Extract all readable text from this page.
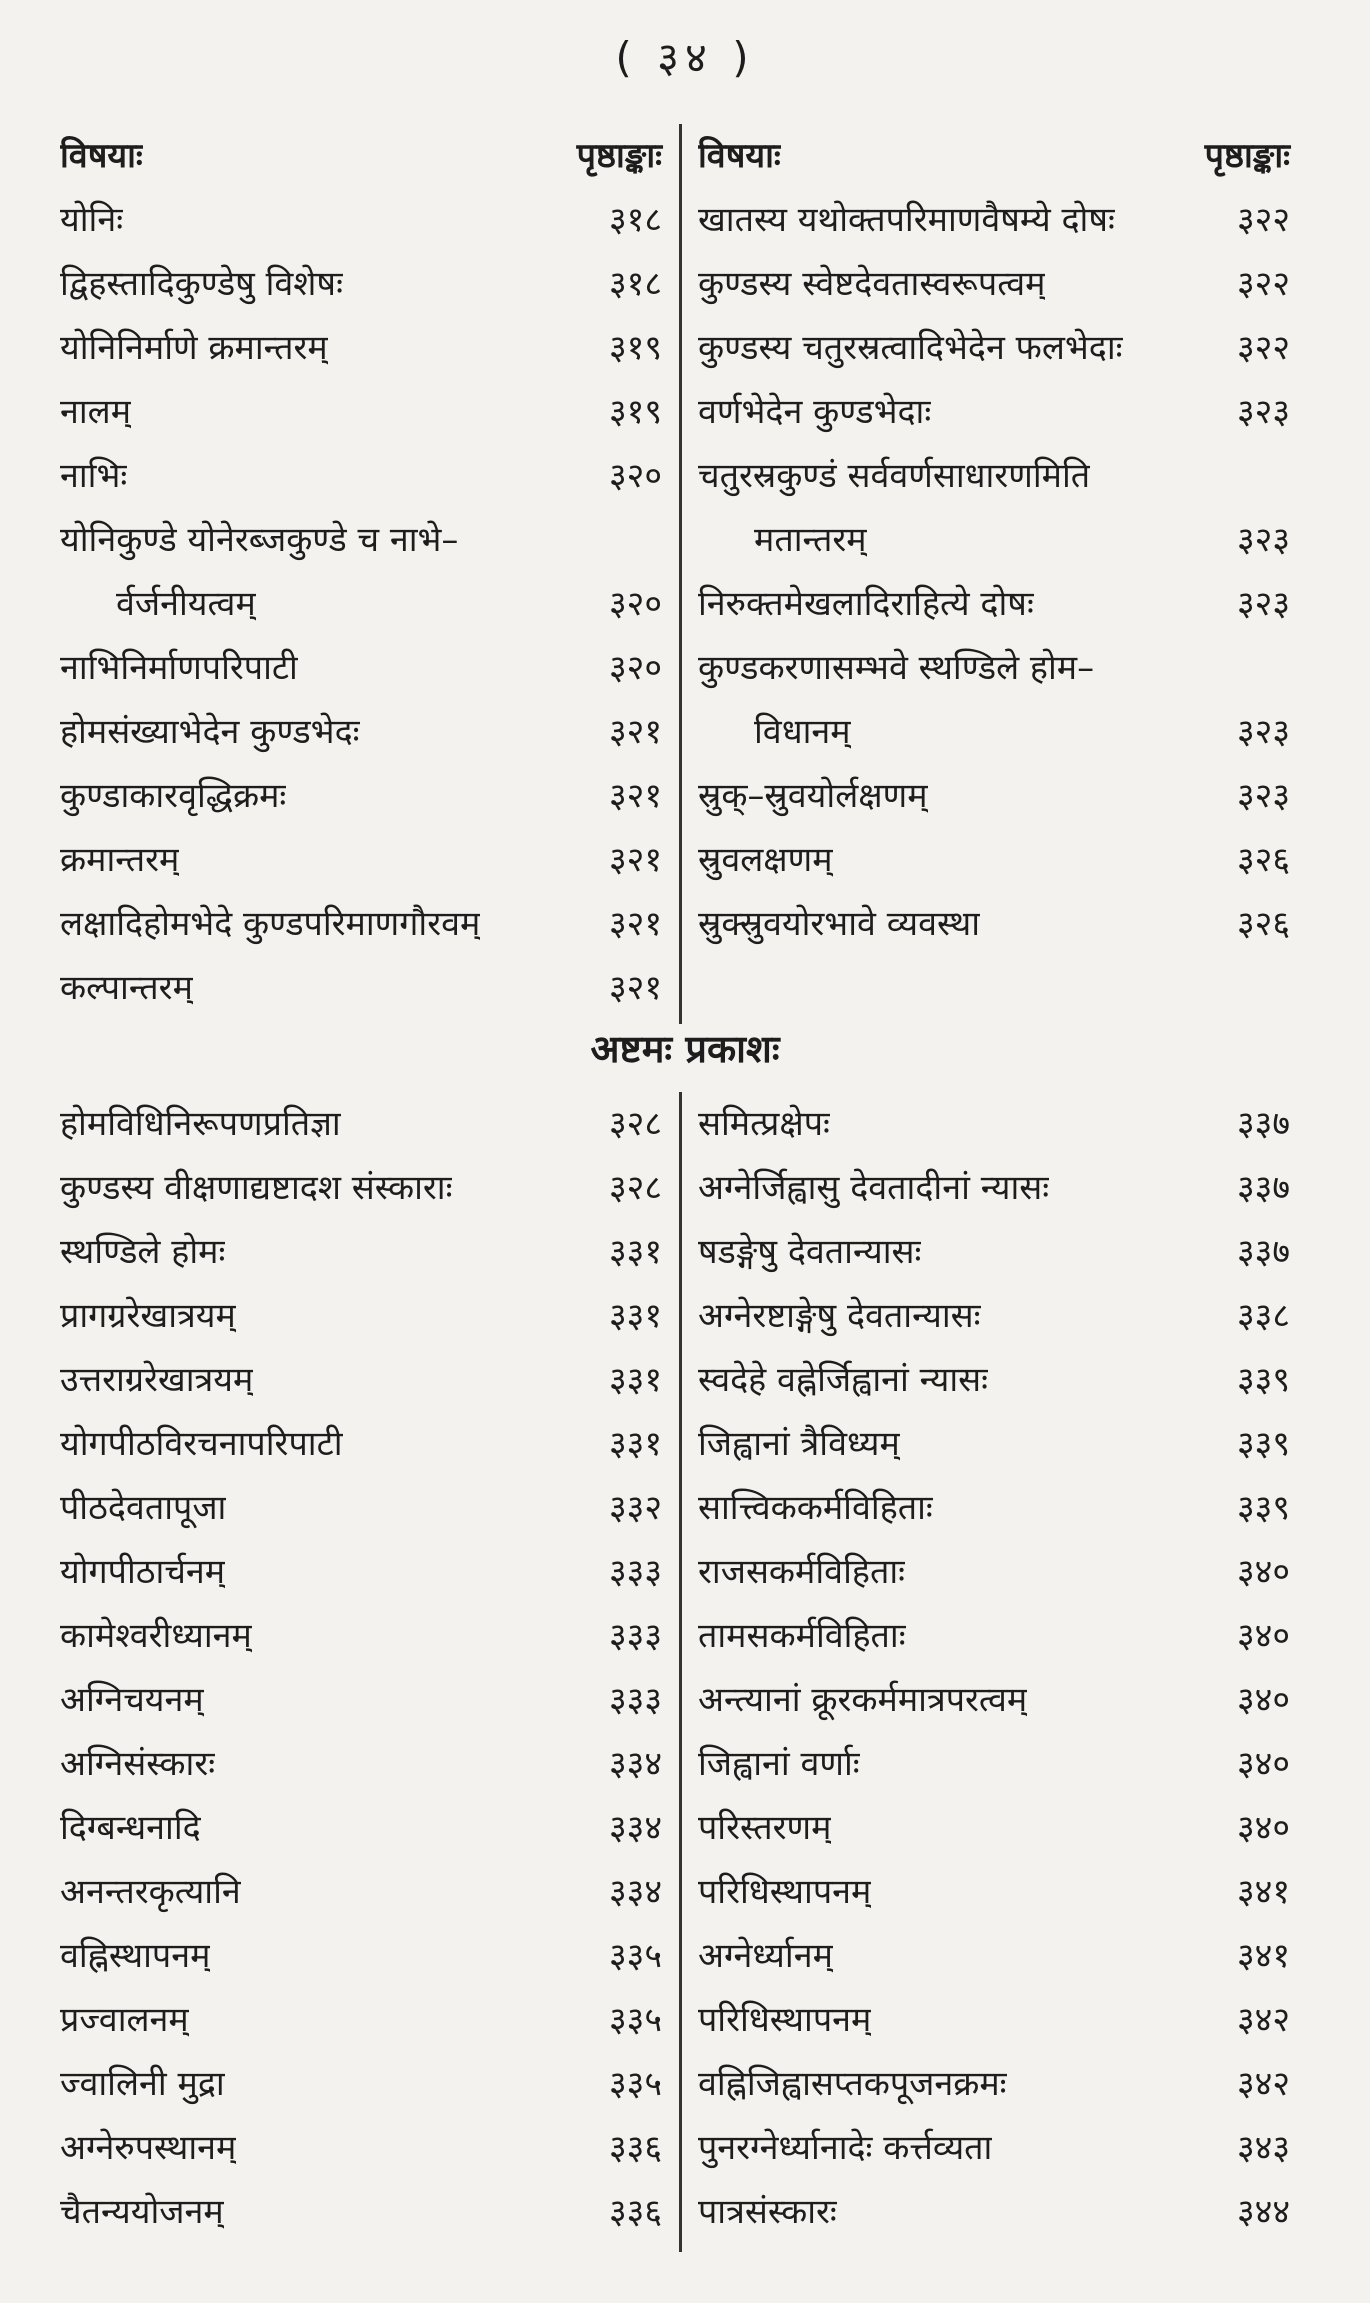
( ३४ )
विषयाः	पृष्ठाङ्काः
योनिः	३१८
द्विहस्तादिकुण्डेषु विशेषः	३१८
योनिनिर्माणे क्रमान्तरम्	३१९
नालम्	३१९
नाभिः	३२०
योनिकुण्डे योनेरब्जकुण्डे च नाभे–
र्वर्जनीयत्वम्	३२०
नाभिनिर्माणपरिपाटी	३२०
होमसंख्याभेदेन कुण्डभेदः	३२१
कुण्डाकारवृद्धिक्रमः	३२१
क्रमान्तरम्	३२१
लक्षादिहोमभेदे कुण्डपरिमाणगौरवम्	३२१
कल्पान्तरम्	३२१
विषयाः	पृष्ठाङ्काः
खातस्य यथोक्तपरिमाणवैषम्ये दोषः	३२२
कुण्डस्य स्वेष्टदेवतास्वरूपत्वम्	३२२
कुण्डस्य चतुरस्रत्वादिभेदेन फलभेदाः	३२२
वर्णभेदेन कुण्डभेदाः	३२३
चतुरस्रकुण्डं सर्ववर्णसाधारणमिति
मतान्तरम्	३२३
निरुक्तमेखलादिराहित्ये दोषः	३२३
कुण्डकरणासम्भवे स्थण्डिले होम–
विधानम्	३२३
स्रुक्–स्रुवयोर्लक्षणम्	३२३
स्रुवलक्षणम्	३२६
स्रुक्स्रुवयोरभावे व्यवस्था	३२६
अष्टमः प्रकाशः
होमविधिनिरूपणप्रतिज्ञा	३२८
कुण्डस्य वीक्षणाद्यष्टादश संस्काराः	३२८
स्थण्डिले होमः	३३१
प्रागग्ररेखात्रयम्	३३१
उत्तराग्ररेखात्रयम्	३३१
योगपीठविरचनापरिपाटी	३३१
पीठदेवतापूजा	३३२
योगपीठार्चनम्	३३३
कामेश्वरीध्यानम्	३३३
अग्निचयनम्	३३३
अग्निसंस्कारः	३३४
दिग्बन्धनादि	३३४
अनन्तरकृत्यानि	३३४
वह्निस्थापनम्	३३५
प्रज्वालनम्	३३५
ज्वालिनी मुद्रा	३३५
अग्नेरुपस्थानम्	३३६
चैतन्ययोजनम्	३३६
समित्प्रक्षेपः	३३७
अग्नेर्जिह्वासु देवतादीनां न्यासः	३३७
षडङ्गेषु देवतान्यासः	३३७
अग्नेरष्टाङ्गेषु देवतान्यासः	३३८
स्वदेहे वह्नेर्जिह्वानां न्यासः	३३९
जिह्वानां त्रैविध्यम्	३३९
सात्त्विककर्मविहिताः	३३९
राजसकर्मविहिताः	३४०
तामसकर्मविहिताः	३४०
अन्त्यानां क्रूरकर्ममात्रपरत्वम्	३४०
जिह्वानां वर्णाः	३४०
परिस्तरणम्	३४०
परिधिस्थापनम्	३४१
अग्नेर्ध्यानम्	३४१
परिधिस्थापनम्	३४२
वह्निजिह्वासप्तकपूजनक्रमः	३४२
पुनरग्नेर्ध्यानादेः कर्त्तव्यता	३४३
पात्रसंस्कारः	३४४
